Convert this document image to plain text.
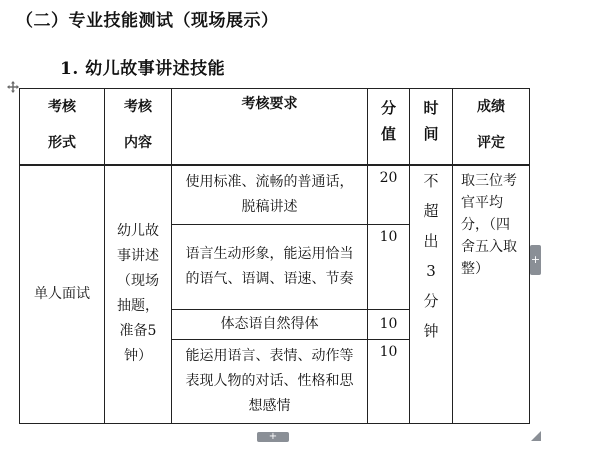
（二）专业技能测试（现场展示）
1. 幼儿故事讲述技能
考核形式	考核内容	考核要求	分值	时间	成绩评定
单人面试	幼儿故事讲述（现场抽题，准备5钟）	使用标准、流畅的普通话，脱稿讲述	20	不超出3分钟	取三位考官平均分，（四舍五入取整）
		语言生动形象，能运用恰当的语气、语调、语速、节奏	10		
		体态语自然得体	10		
		能运用语言、表情、动作等表现人物的对话、性格和思想感情	10		
+
+
